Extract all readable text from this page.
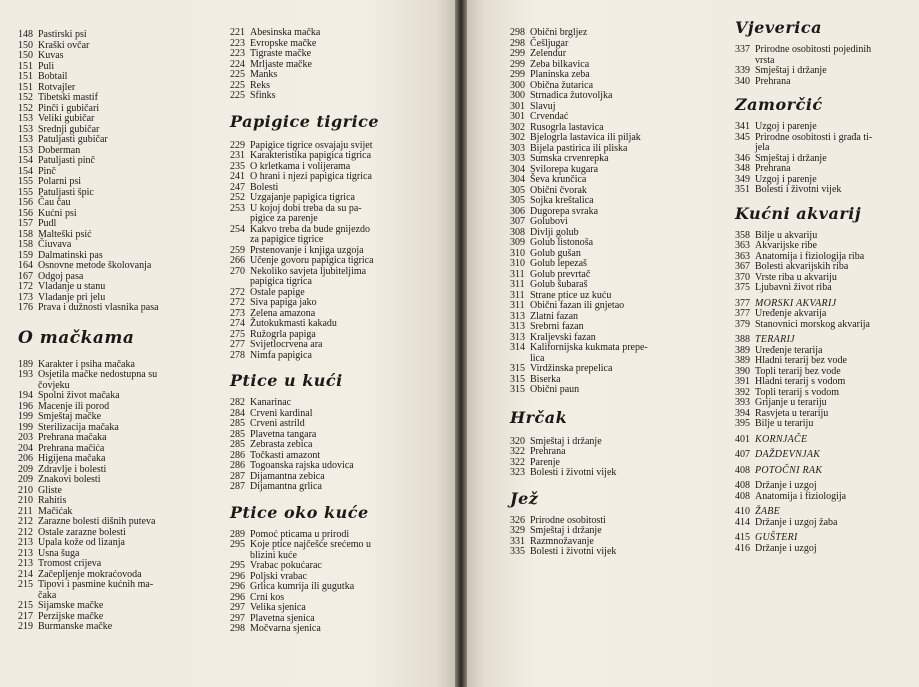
148 Pastirski psi
150 Kraški ovčar
150 Kuvas
151 Puli
151 Bobtail
151 Rotvajler
152 Tibetski mastif
152 Pinči i gubičari
153 Veliki gubičar
153 Srednji gubičar
153 Patuljasti gubičar
153 Doberman
154 Patuljasti pinč
154 Pinč
155 Polarni psi
155 Patuljasti špic
156 Čau čau
156 Kućni psi
157 Pudl
158 Malteški psić
158 Čiuvava
159 Dalmatinski pas
164 Osnovne metode školovanja
167 Odgoj pasa
172 Vladanje u stanu
173 Vladanje pri jelu
176 Prava i dužnosti vlasnika pasa
O mačkama
189 Karakter i psiha mačaka
193 Osjetila mačke nedostupna su
čovjeku
194 Spolni život mačaka
196 Macenje ili porod
199 Smještaj mačke
199 Sterilizacija mačaka
203 Prehrana mačaka
204 Prehrana mačića
206 Higijena mačaka
209 Zdravlje i bolesti
209 Znakovi bolesti
210 Gliste
210 Rahitis
211 Mačićak
212 Zarazne bolesti dišnih puteva
212 Ostale zarazne bolesti
213 Upala kože od lizanja
213 Usna šuga
213 Tromost crijeva
214 Začepljenje mokraćovoda
215 Tipovi i pasmine kućnih ma-
čaka
215 Sijamske mačke
217 Perzijske mačke
219 Burmanske mačke
221 Abesinska mačka
223 Evropske mačke
223 Tigraste mačke
224 Mrljaste mačke
225 Manks
225 Reks
225 Sfinks
Papigice tigrice
229 Papigice tigrice osvajaju svijet
231 Karakteristika papigica tigrica
235 O krletkama i volijerama
241 O hrani i njezi papigica tigrica
247 Bolesti
252 Uzgajanje papigica tigrica
253 U kojoj dobi treba da su pa-
pigice za parenje
254 Kakvo treba da bude gnijezdo
za papigice tigrice
259 Prstenovanje i knjiga uzgoja
266 Učenje govoru papigica tigrica
270 Nekoliko savjeta ljubiteljima
papigica tigrica
272 Ostale papige
272 Siva papiga jako
273 Zelena amazona
274 Žutokukmasti kakadu
275 Ružogrla papiga
277 Svijetlocrvena ara
278 Nimfa papigica
Ptice u kući
282 Kanarinac
284 Crveni kardinal
285 Crveni astrild
285 Plavetna tangara
285 Zebrasta zebica
286 Točkasti amazont
286 Togoanska rajska udovica
287 Dijamantna zebica
287 Dijamantna grlica
Ptice oko kuće
289 Pomoć pticama u prirodi
295 Koje ptice najčešće srećemo u
blizini kuće
295 Vrabac pokućarac
296 Poljski vrabac
296 Grlica kumrija ili gugutka
296 Crni kos
297 Velika sjenica
297 Plavetna sjenica
298 Močvarna sjenica
298 Obični brgljez
298 Češljugar
299 Zelendur
299 Zeba bilkavica
299 Planinska zeba
300 Obična žutarica
300 Strnadica žutovoljka
301 Slavuj
301 Crvendać
302 Rusogrla lastavica
302 Bjelogrla lastavica ili piljak
303 Bijela pastirica ili pliska
303 Sumska crvenrepka
304 Svilorepa kugara
304 Ševa krunčica
305 Obični čvorak
305 Sojka kreštalica
306 Dugorepa svraka
307 Golubovi
308 Divlji golub
309 Golub listonoša
310 Golub gušan
310 Golub lepezaš
311 Golub prevrtač
311 Golub šubaraš
311 Strane ptice uz kuću
311 Obični fazan ili gnjetao
313 Zlatni fazan
313 Srebrni fazan
313 Kraljevski fazan
314 Kalifornijska kukmata prepe-
lica
315 Virdžinska prepelica
315 Biserka
315 Obični paun
Hrčak
320 Smještaj i držanje
322 Prehrana
322 Parenje
323 Bolesti i životni vijek
Jež
326 Prirodne osobitosti
329 Smještaj i držanje
331 Razmnožavanje
335 Bolesti i životni vijek
Vjeverica
337 Prirodne osobitosti pojedinih
vrsta
339 Smještaj i držanje
340 Prehrana
Zamorčić
341 Uzgoj i parenje
345 Prirodne osobitosti i građa ti-
jela
346 Smještaj i držanje
348 Prehrana
349 Uzgoj i parenje
351 Bolesti i životni vijek
Kućni akvarij
358 Bilje u akvariju
363 Akvarijske ribe
363 Anatomija i fiziologija riba
367 Bolesti akvarijskih riba
370 Vrste riba u akvariju
375 Ljubavni život riba
377 MORSKI AKVARIJ
377 Uređenje akvarija
379 Stanovnici morskog akvarija
388 TERARIJ
389 Uređenje terarija
389 Hladni terarij bez vode
390 Topli terarij bez vode
391 Hladni terarij s vodom
392 Topli terarij s vodom
393 Grijanje u terariju
394 Rasvjeta u terariju
395 Bilje u terariju
401 KORNJAČE
407 DAŽDEVNJAK
408 POTOČNI RAK
408 Držanje i uzgoj
408 Anatomija i fiziologija
410 ŽABE
414 Držanje i uzgoj žaba
415 GUŠTERI
416 Držanje i uzgoj
